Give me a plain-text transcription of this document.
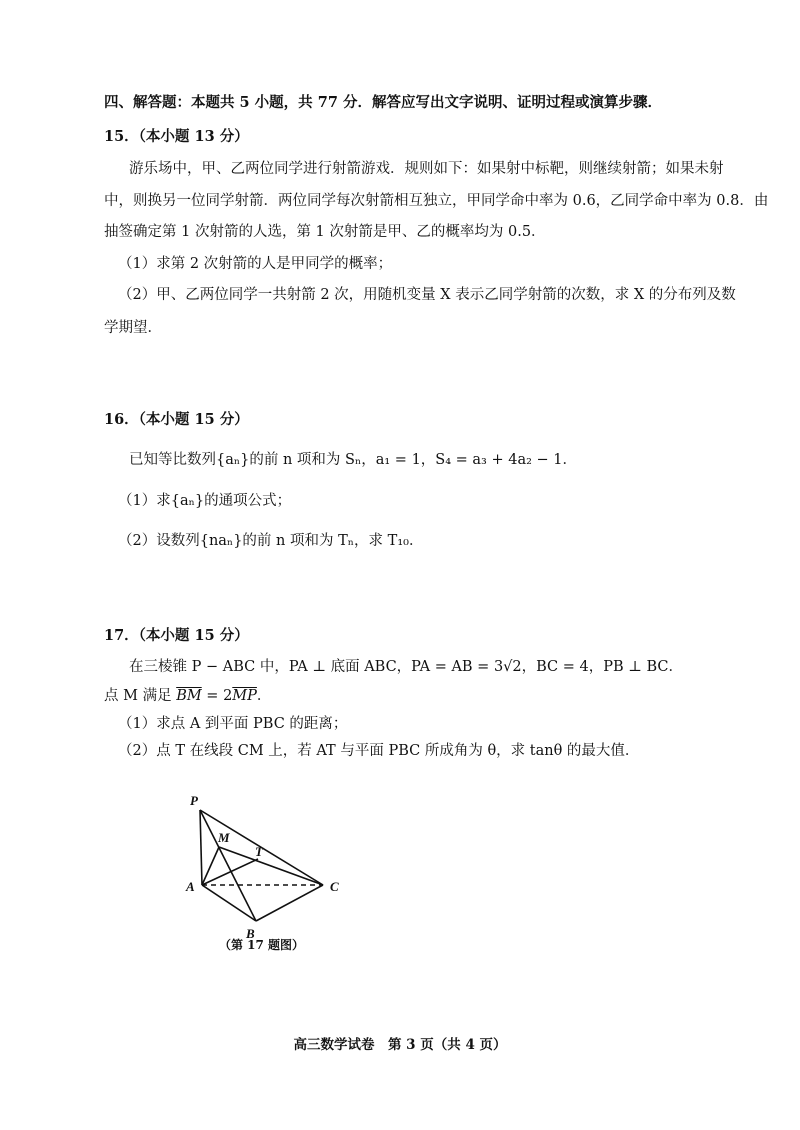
四、解答题：本题共 5 小题，共 77 分．解答应写出文字说明、证明过程或演算步骤．
15．（本小题 13 分）
游乐场中，甲、乙两位同学进行射箭游戏．规则如下：如果射中标靶，则继续射箭；如果未射
中，则换另一位同学射箭．两位同学每次射箭相互独立，甲同学命中率为 0.6，乙同学命中率为 0.8．由
抽签确定第 1 次射箭的人选，第 1 次射箭是甲、乙的概率均为 0.5．
（1）求第 2 次射箭的人是甲同学的概率；
（2）甲、乙两位同学一共射箭 2 次，用随机变量 X 表示乙同学射箭的次数，求 X 的分布列及数
学期望．
16．（本小题 15 分）
已知等比数列{aₙ}的前 n 项和为 Sₙ，a₁ = 1，S₄ = a₃ + 4a₂ − 1．
（1）求{aₙ}的通项公式；
（2）设数列{naₙ}的前 n 项和为 Tₙ，求 T₁₀．
17．（本小题 15 分）
在三棱锥 P − ABC 中，PA ⊥ 底面 ABC，PA = AB = 3√2，BC = 4，PB ⊥ BC．
点 M 满足 $\overline{BM} = 2\overline{MP}$．
（1）求点 A 到平面 PBC 的距离；
（2）点 T 在线段 CM 上，若 AT 与平面 PBC 所成角为 θ，求 tanθ 的最大值．
P
M
T
A	C
B
（第 17 题图）
高三数学试卷　第 3 页（共 4 页）
